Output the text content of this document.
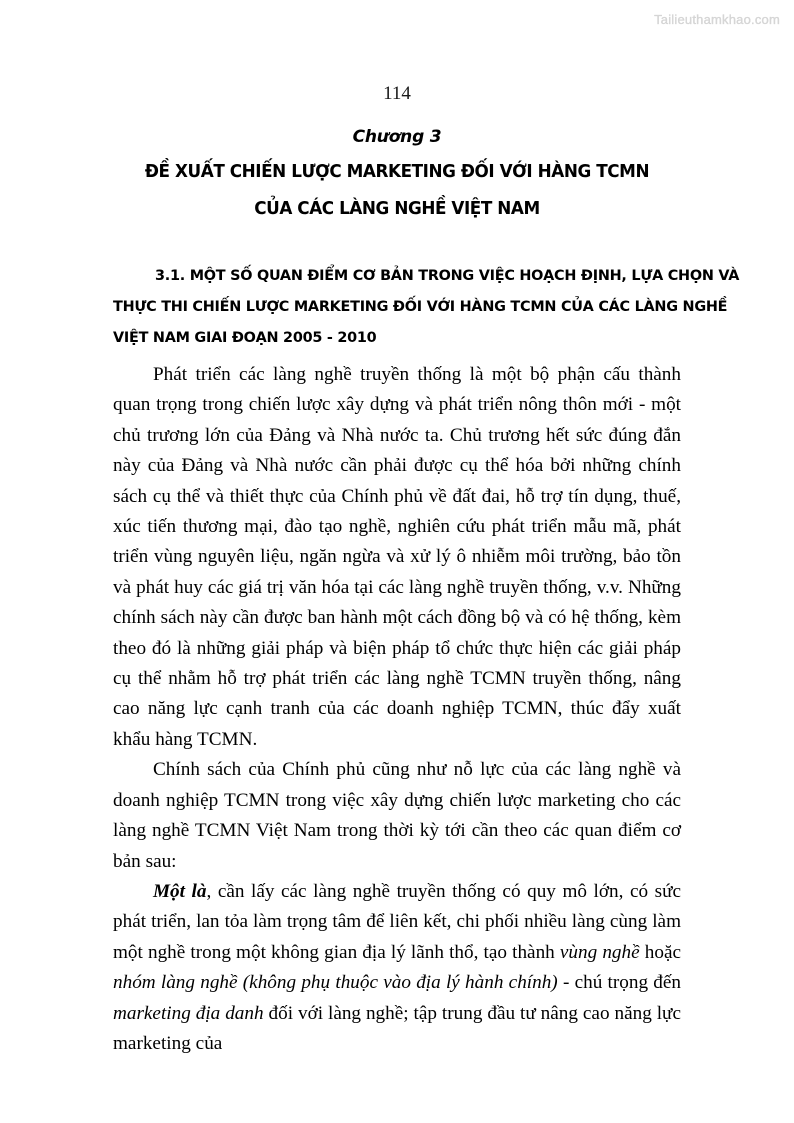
Tailieuthamkhao.com
114
Chương 3
ĐỀ XUẤT CHIẾN LƯỢC MARKETING ĐỐI VỚI HÀNG TCMN
CỦA CÁC LÀNG NGHỀ VIỆT NAM
3.1. MỘT SỐ QUAN ĐIỂM CƠ BẢN TRONG VIỆC HOẠCH ĐỊNH, LỰA CHỌN VÀ
THỰC THI CHIẾN LƯỢC MARKETING ĐỐI VỚI HÀNG TCMN CỦA CÁC LÀNG NGHỀ
VIỆT NAM GIAI ĐOẠN 2005 - 2010

Phát triển các làng nghề truyền thống là một bộ phận cấu thành quan trọng trong chiến lược xây dựng và phát triển nông thôn mới - một chủ trương lớn của Đảng và Nhà nước ta. Chủ trương hết sức đúng đắn này của Đảng và Nhà nước cần phải được cụ thể hóa bởi những chính sách cụ thể và thiết thực của Chính phủ về đất đai, hỗ trợ tín dụng, thuế, xúc tiến thương mại, đào tạo nghề, nghiên cứu phát triển mẫu mã, phát triển vùng nguyên liệu, ngăn ngừa và xử lý ô nhiễm môi trường, bảo tồn và phát huy các giá trị văn hóa tại các làng nghề truyền thống, v.v. Những chính sách này cần được ban hành một cách đồng bộ và có hệ thống, kèm theo đó là những giải pháp và biện pháp tổ chức thực hiện các giải pháp cụ thể nhằm hỗ trợ phát triển các làng nghề TCMN truyền thống, nâng cao năng lực cạnh tranh của các doanh nghiệp TCMN, thúc đẩy xuất khẩu hàng TCMN.

Chính sách của Chính phủ cũng như nỗ lực của các làng nghề và doanh nghiệp TCMN trong việc xây dựng chiến lược marketing cho các làng nghề TCMN Việt Nam trong thời kỳ tới cần theo các quan điểm cơ bản sau:

Một là, cần lấy các làng nghề truyền thống có quy mô lớn, có sức phát triển, lan tỏa làm trọng tâm để liên kết, chi phối nhiều làng cùng làm một nghề trong một không gian địa lý lãnh thổ, tạo thành vùng nghề hoặc nhóm làng nghề (không phụ thuộc vào địa lý hành chính) - chú trọng đến marketing địa danh đối với làng nghề; tập trung đầu tư nâng cao năng lực marketing của
